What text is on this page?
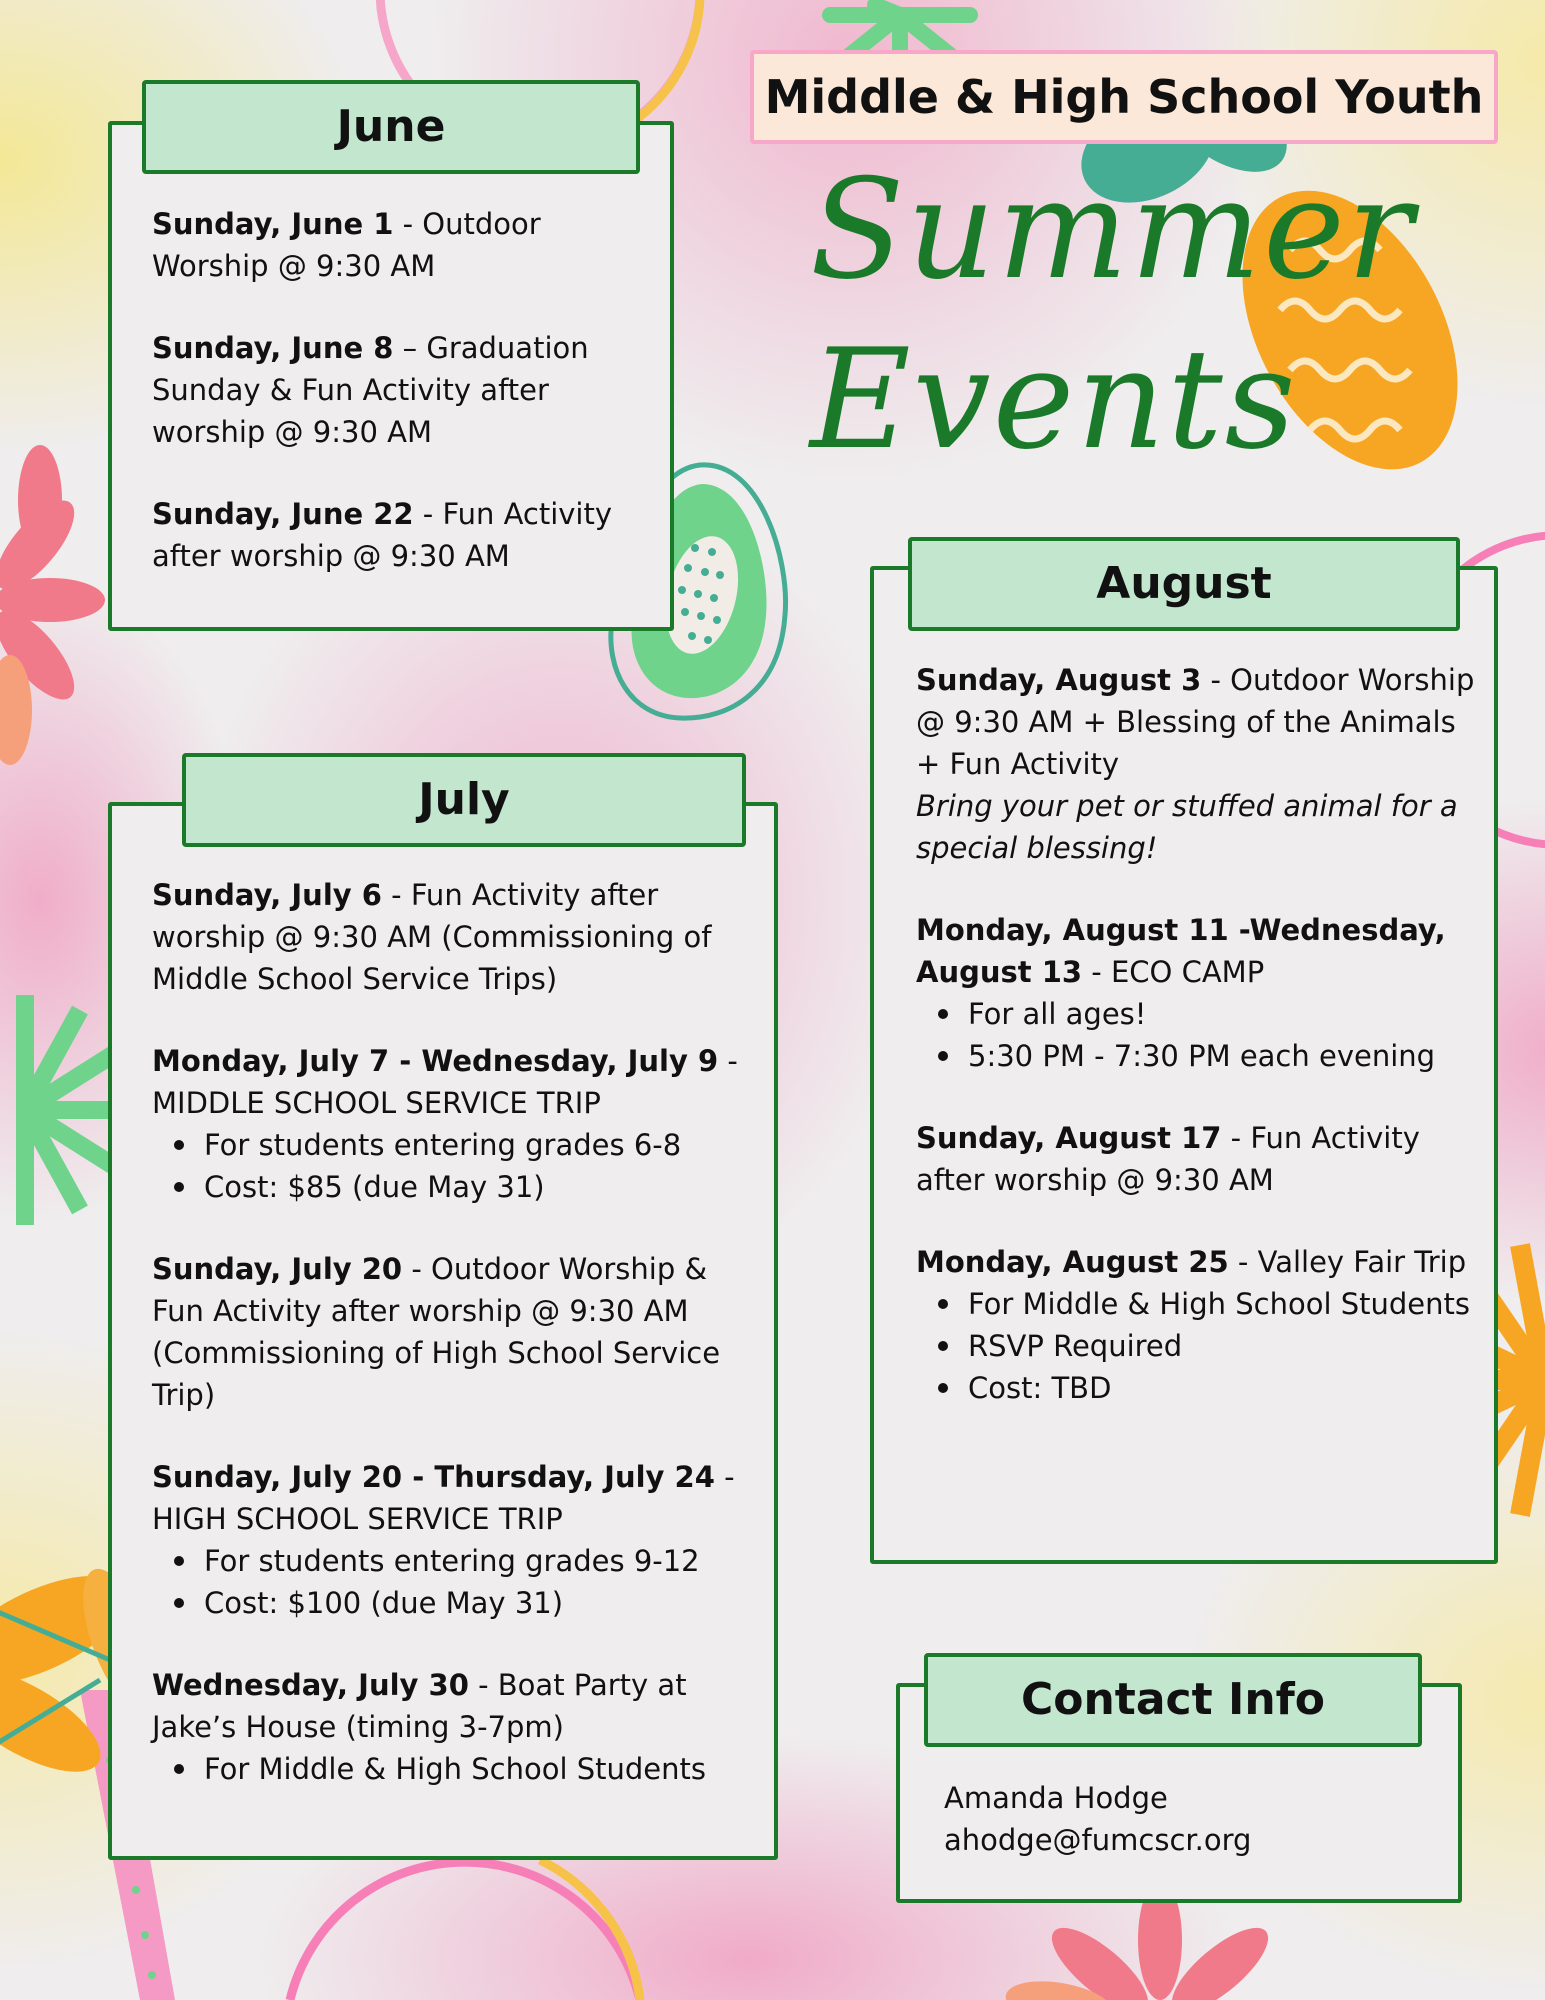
Middle & High School Youth
Summer
Events
June
Sunday, June 1 - Outdoor Worship @ 9:30 AM
Sunday, June 8 – Graduation Sunday & Fun Activity after worship @ 9:30 AM
Sunday, June 22 - Fun Activity after worship @ 9:30 AM
July
Sunday, July 6 - Fun Activity after worship @ 9:30 AM (Commissioning of Middle School Service Trips)
Monday, July 7 - Wednesday, July 9 - MIDDLE SCHOOL SERVICE TRIP
For students entering grades 6-8
Cost: $85 (due May 31)
Sunday, July 20 - Outdoor Worship & Fun Activity after worship @ 9:30 AM (Commissioning of High School Service Trip)
Sunday, July 20 - Thursday, July 24 - HIGH SCHOOL SERVICE TRIP
For students entering grades 9-12
Cost: $100 (due May 31)
Wednesday, July 30 - Boat Party at Jake’s House (timing 3-7pm)
For Middle & High School Students
August
Sunday, August 3 - Outdoor Worship @ 9:30 AM + Blessing of the Animals + Fun Activity
Bring your pet or stuffed animal for a special blessing!
Monday, August 11 -Wednesday, August 13 - ECO CAMP
For all ages!
5:30 PM - 7:30 PM each evening
Sunday, August 17 - Fun Activity after worship @ 9:30 AM
Monday, August 25 - Valley Fair Trip
For Middle & High School Students
RSVP Required
Cost: TBD
Contact Info
Amanda Hodge
ahodge@fumcscr.org
